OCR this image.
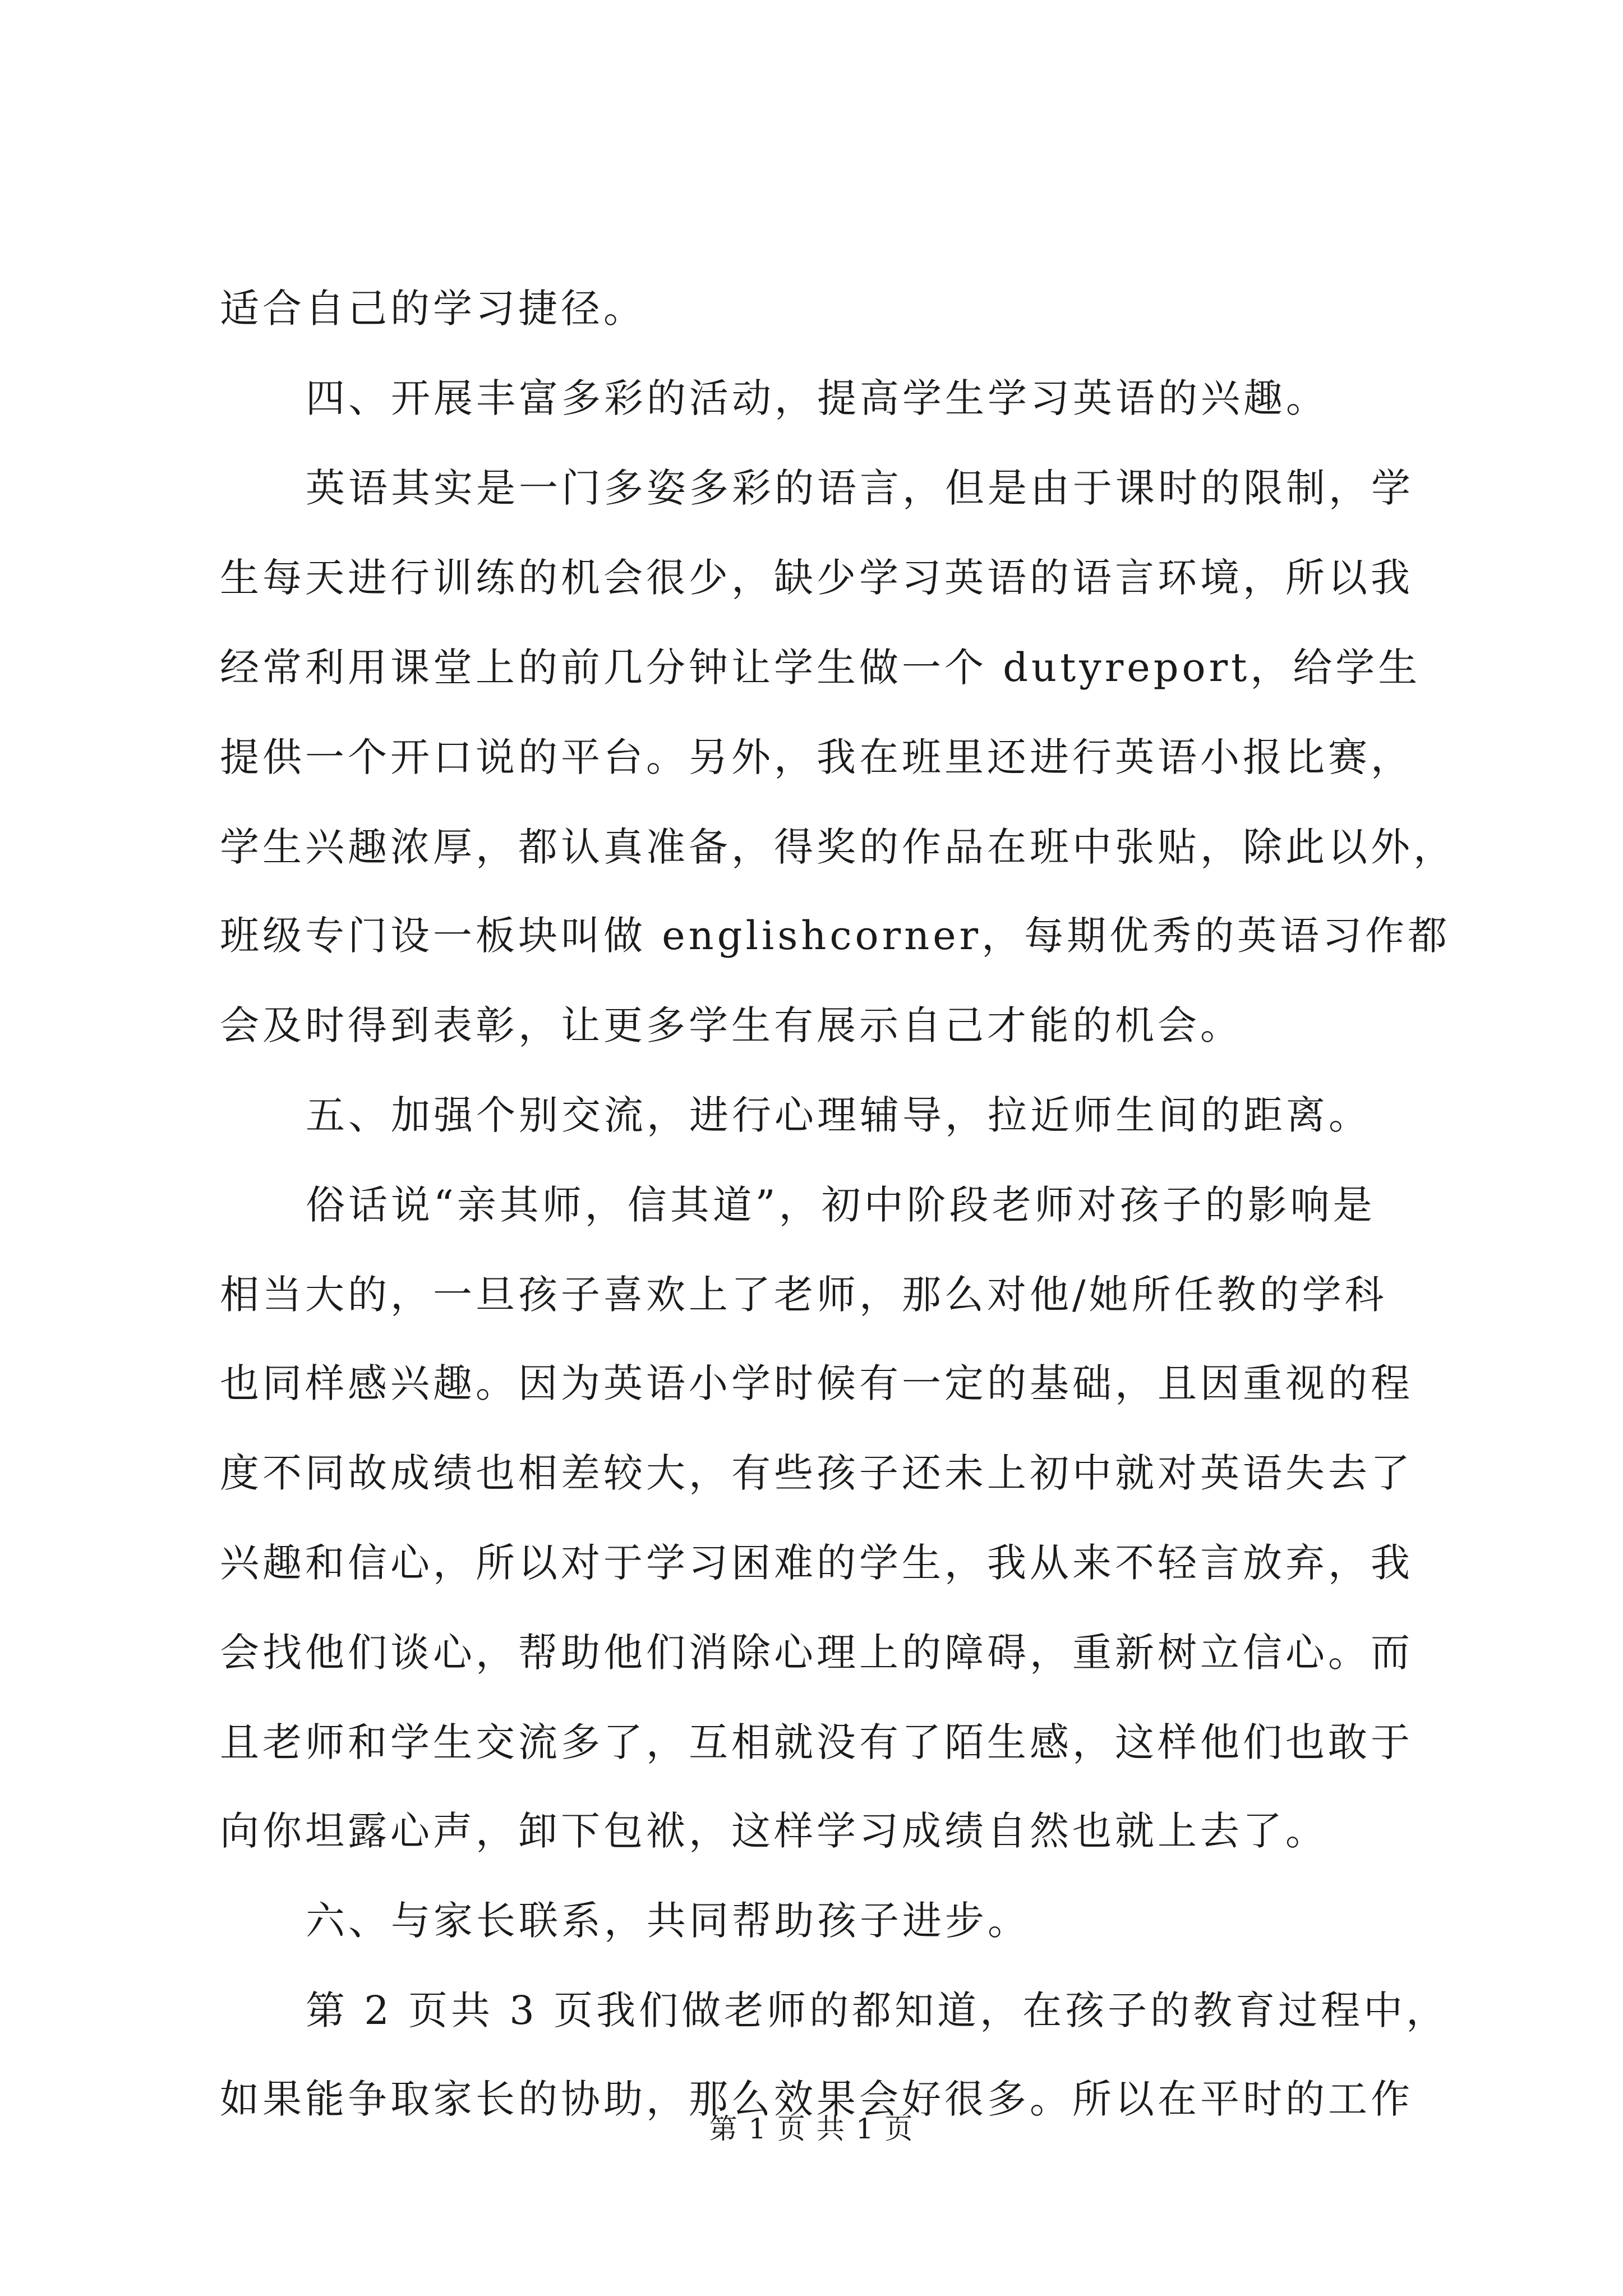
适合自己的学习捷径。
四、开展丰富多彩的活动，提高学生学习英语的兴趣。
英语其实是一门多姿多彩的语言，但是由于课时的限制，学
生每天进行训练的机会很少，缺少学习英语的语言环境，所以我
经常利用课堂上的前几分钟让学生做一个 dutyreport，给学生
提供一个开口说的平台。另外，我在班里还进行英语小报比赛，
学生兴趣浓厚，都认真准备，得奖的作品在班中张贴，除此以外，
班级专门设一板块叫做 englishcorner，每期优秀的英语习作都
会及时得到表彰，让更多学生有展示自己才能的机会。
五、加强个别交流，进行心理辅导，拉近师生间的距离。
俗话说“亲其师，信其道”，初中阶段老师对孩子的影响是
相当大的，一旦孩子喜欢上了老师，那么对他/她所任教的学科
也同样感兴趣。因为英语小学时候有一定的基础，且因重视的程
度不同故成绩也相差较大，有些孩子还未上初中就对英语失去了
兴趣和信心，所以对于学习困难的学生，我从来不轻言放弃，我
会找他们谈心，帮助他们消除心理上的障碍，重新树立信心。而
且老师和学生交流多了，互相就没有了陌生感，这样他们也敢于
向你坦露心声，卸下包袱，这样学习成绩自然也就上去了。
六、与家长联系，共同帮助孩子进步。
第 2 页共 3 页我们做老师的都知道，在孩子的教育过程中，
如果能争取家长的协助，那么效果会好很多。所以在平时的工作
第 1 页 共 1 页
